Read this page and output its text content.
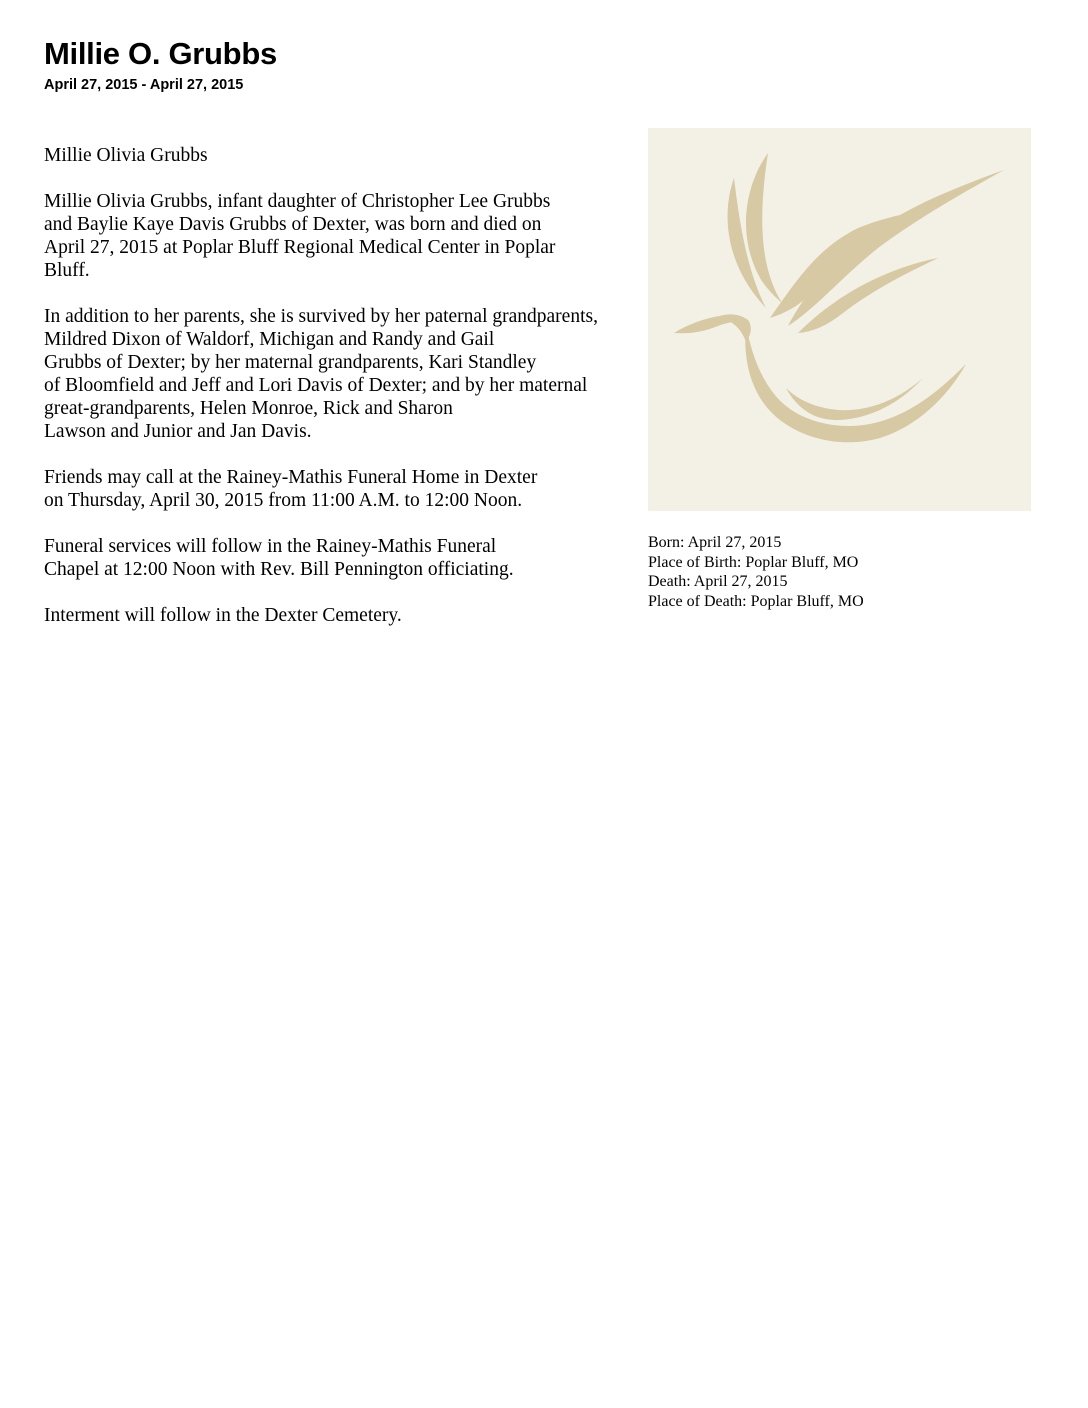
Millie O. Grubbs
April 27, 2015 - April 27, 2015

Millie Olivia Grubbs

Millie Olivia Grubbs, infant daughter of Christopher Lee Grubbs
and Baylie Kaye Davis Grubbs of Dexter, was born and died on
April 27, 2015 at Poplar Bluff Regional Medical Center in Poplar
Bluff.

In addition to her parents, she is survived by her paternal grandparents,
Mildred Dixon of Waldorf, Michigan and Randy and Gail
Grubbs of Dexter; by her maternal grandparents, Kari Standley
of Bloomfield and Jeff and Lori Davis of Dexter; and by her maternal
great-grandparents, Helen Monroe, Rick and Sharon
Lawson and Junior and Jan Davis.

Friends may call at the Rainey-Mathis Funeral Home in Dexter
on Thursday, April 30, 2015 from 11:00 A.M. to 12:00 Noon.

Funeral services will follow in the Rainey-Mathis Funeral
Chapel at 12:00 Noon with Rev. Bill Pennington officiating.

Interment will follow in the Dexter Cemetery.

Born: April 27, 2015
Place of Birth: Poplar Bluff, MO
Death: April 27, 2015
Place of Death: Poplar Bluff, MO
